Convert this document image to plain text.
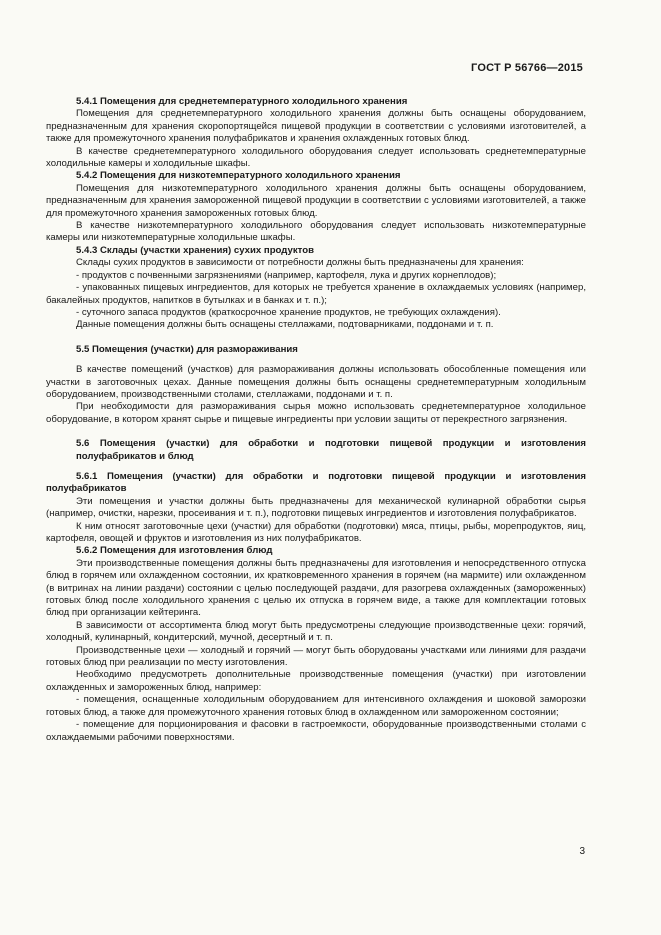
ГОСТ Р 56766—2015

5.4.1 Помещения для среднетемпературного холодильного хранения

Помещения для среднетемпературного холодильного хранения должны быть оснащены оборудованием, предназначенным для хранения скоропортящейся пищевой продукции в соответствии с условиями изготовителей, а также для промежуточного хранения полуфабрикатов и хранения охлажденных готовых блюд.

В качестве среднетемпературного холодильного оборудования следует использовать среднетемпературные холодильные камеры и холодильные шкафы.

5.4.2 Помещения для низкотемпературного холодильного хранения

Помещения для низкотемпературного холодильного хранения должны быть оснащены оборудованием, предназначенным для хранения замороженной пищевой продукции в соответствии с условиями изготовителей, а также для промежуточного хранения замороженных готовых блюд.

В качестве низкотемпературного холодильного оборудования следует использовать низкотемпературные камеры или низкотемпературные холодильные шкафы.

5.4.3 Склады (участки хранения) сухих продуктов

Склады сухих продуктов в зависимости от потребности должны быть предназначены для хранения:

- продуктов с почвенными загрязнениями (например, картофеля, лука и других корнеплодов);

- упакованных пищевых ингредиентов, для которых не требуется хранение в охлаждаемых условиях (например, бакалейных продуктов, напитков в бутылках и в банках и т. п.);

- суточного запаса продуктов (краткосрочное хранение продуктов, не требующих охлаждения).

Данные помещения должны быть оснащены стеллажами, подтоварниками, поддонами и т. п.

5.5 Помещения (участки) для размораживания

В качестве помещений (участков) для размораживания должны использовать обособленные помещения или участки в заготовочных цехах. Данные помещения должны быть оснащены среднетемпературным холодильным оборудованием, производственными столами, стеллажами, поддонами и т. п.

При необходимости для размораживания сырья можно использовать среднетемпературное холодильное оборудование, в котором хранят сырье и пищевые ингредиенты при условии защиты от перекрестного загрязнения.

5.6 Помещения (участки) для обработки и подготовки пищевой продукции и изготовления полуфабрикатов и блюд

5.6.1 Помещения (участки) для обработки и подготовки пищевой продукции и изготовления полуфабрикатов

Эти помещения и участки должны быть предназначены для механической кулинарной обработки сырья (например, очистки, нарезки, просеивания и т. п.), подготовки пищевых ингредиентов и изготовления полуфабрикатов.

К ним относят заготовочные цехи (участки) для обработки (подготовки) мяса, птицы, рыбы, морепродуктов, яиц, картофеля, овощей и фруктов и изготовления из них полуфабрикатов.

5.6.2 Помещения для изготовления блюд

Эти производственные помещения должны быть предназначены для изготовления и непосредственного отпуска блюд в горячем или охлажденном состоянии, их кратковременного хранения в горячем (на мармите) или охлажденном (в витринах на линии раздачи) состоянии с целью последующей раздачи, для разогрева охлажденных (замороженных) готовых блюд после холодильного хранения с целью их отпуска в горячем виде, а также для комплектации готовых блюд при организации кейтеринга.

В зависимости от ассортимента блюд могут быть предусмотрены следующие производственные цехи: горячий, холодный, кулинарный, кондитерский, мучной, десертный и т. п.

Производственные цехи — холодный и горячий — могут быть оборудованы участками или линиями для раздачи готовых блюд при реализации по месту изготовления.

Необходимо предусмотреть дополнительные производственные помещения (участки) при изготовлении охлажденных и замороженных блюд, например:

- помещения, оснащенные холодильным оборудованием для интенсивного охлаждения и шоковой заморозки готовых блюд, а также для промежуточного хранения готовых блюд в охлажденном или замороженном состоянии;

- помещение для порционирования и фасовки в гастроемкости, оборудованные производственными столами с охлаждаемыми рабочими поверхностями.

3
